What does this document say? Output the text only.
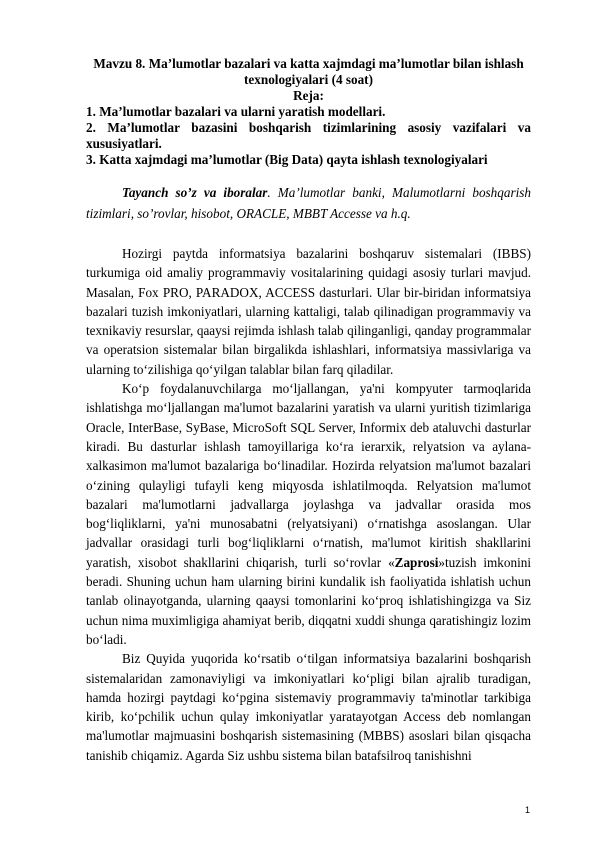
Mavzu 8. Ma’lumotlar bazalari va katta xajmdagi ma’lumotlar bilan ishlash texnologiyalari (4 soat)
Reja:

1. Ma’lumotlar bazalari va ularni yaratish modellari.

2. Ma’lumotlar bazasini boshqarish tizimlarining asosiy vazifalari va xususiyatlari.

3. Katta xajmdagi ma’lumotlar (Big Data) qayta ishlash texnologiyalari

Tayanch so’z va iboralar. Ma’lumotlar banki, Malumotlarni boshqarish tizimlari, so’rovlar, hisobot, ORACLE, MBBT Accesse va h.q.

Hozirgi paytda informatsiya bazalarini boshqaruv sistemalari (IBBS) turkumiga oid amaliy programmaviy vositalarining quidagi asosiy turlari mavjud. Masalan, Fox PRO, PARADOX, ACCESS dasturlari. Ular bir-biridan informatsiya bazalari tuzish imkoniyatlari, ularning kattaligi, talab qilinadigan programmaviy va texnikaviy resurslar, qaaysi rejimda ishlash talab qilinganligi, qanday programmalar va operatsion sistemalar bilan birgalikda ishlashlari, informatsiya massivlariga va ularning to‘zilishiga qo‘yilgan talablar bilan farq qiladilar.

Ko‘p foydalanuvchilarga mo‘ljallangan, ya'ni kompyuter tarmoqlarida ishlatishga mo‘ljallangan ma'lumot bazalarini yaratish va ularni yuritish tizimlariga Oracle, InterBase, SyBase, MicroSoft SQL Server, Informix deb ataluvchi dasturlar kiradi. Bu dasturlar ishlash tamoyillariga ko‘ra ierarxik, relyatsion va aylana-xalkasimon ma'lumot bazalariga bo‘linadilar. Hozirda relyatsion ma'lumot bazalari o‘zining qulayligi tufayli keng miqyosda ishlatilmoqda. Relyatsion ma'lumot bazalari ma'lumotlarni jadvallarga joylashga va jadvallar orasida mos bog‘liqliklarni, ya'ni munosabatni (relyatsiyani) o‘rnatishga asoslangan. Ular jadvallar orasidagi turli bog‘liqliklarni o‘rnatish, ma'lumot kiritish shakllarini yaratish, xisobot shakllarini chiqarish, turli so‘rovlar «Zaprosi»tuzish imkonini beradi. Shuning uchun ham ularning birini kundalik ish faoliyatida ishlatish uchun tanlab olinayotganda, ularning qaaysi tomonlarini ko‘proq ishlatishingizga va Siz uchun nima muximligiga ahamiyat berib, diqqatni xuddi shunga qaratishingiz lozim bo‘ladi.

Biz Quyida yuqorida ko‘rsatib o‘tilgan informatsiya bazalarini boshqarish sistemalaridan zamonaviyligi va imkoniyatlari ko‘pligi bilan ajralib turadigan, hamda hozirgi paytdagi ko‘pgina sistemaviy programmaviy ta'minotlar tarkibiga kirib, ko‘pchilik uchun qulay imkoniyatlar yaratayotgan Access deb nomlangan ma'lumotlar majmuasini boshqarish sistemasining (MBBS) asoslari bilan qisqacha tanishib chiqamiz. Agarda Siz ushbu sistema bilan batafsilroq tanishishni

1
